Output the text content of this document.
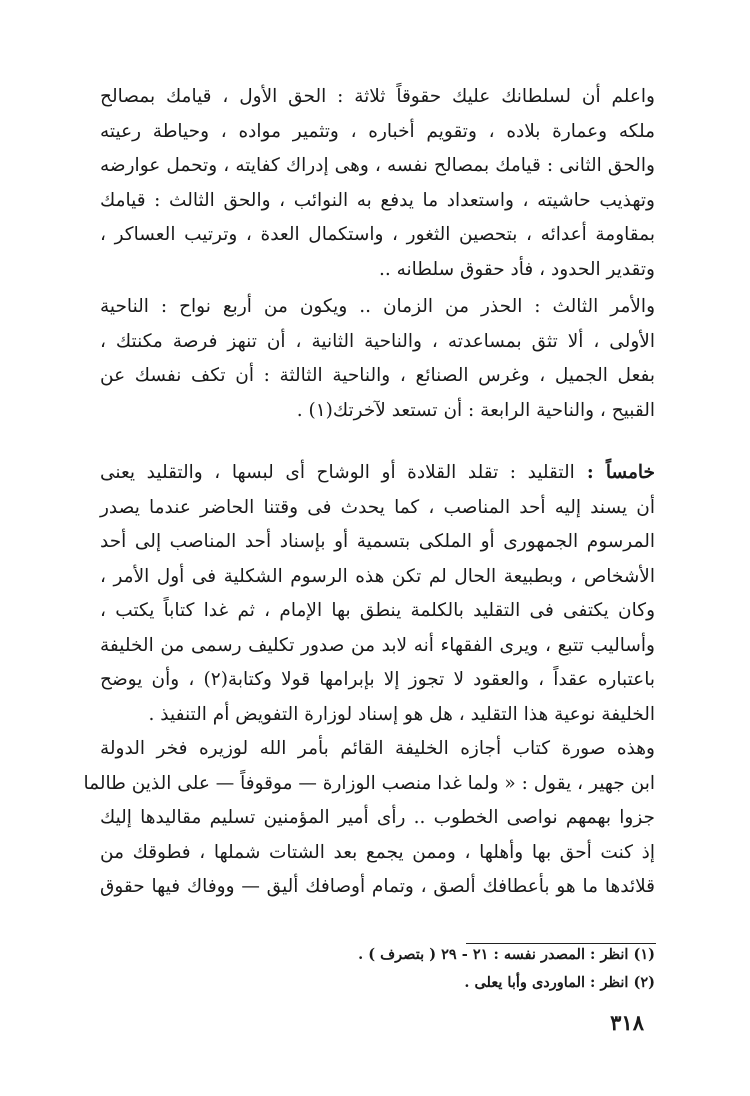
واعلم أن لسلطانك عليك حقوقاً ثلاثة : الحق الأول ، قيامك بمصالح
ملكه وعمارة بلاده ، وتقويم أخباره ، وتثمير مواده ، وحياطة رعيته
والحق الثانى : قيامك بمصالح نفسه ، وهى إدراك كفايته ، وتحمل عوارضه
وتهذيب حاشيته ، واستعداد ما يدفع به النوائب ، والحق الثالث : قيامك
بمقاومة أعدائه ، بتحصين الثغور ، واستكمال العدة ، وترتيب العساكر ،
وتقدير الحدود ، فأد حقوق سلطانه ..
والأمر الثالث : الحذر من الزمان .. ويكون من أربع نواح : الناحية
الأولى ، ألا تثق بمساعدته ، والناحية الثانية ، أن تنهز فرصة مكنتك ،
بفعل الجميل ، وغرس الصنائع ، والناحية الثالثة : أن تكف نفسك عن
القبيح ، والناحية الرابعة : أن تستعد لآخرتك(١) .
خامساً : التقليد : تقلد القلادة أو الوشاح أى لبسها ، والتقليد يعنى
أن يسند إليه أحد المناصب ، كما يحدث فى وقتنا الحاضر عندما يصدر
المرسوم الجمهورى أو الملكى بتسمية أو بإسناد أحد المناصب إلى أحد
الأشخاص ، وبطبيعة الحال لم تكن هذه الرسوم الشكلية فى أول الأمر ،
وكان يكتفى فى التقليد بالكلمة ينطق بها الإمام ، ثم غدا كتاباً يكتب ،
وأساليب تتبع ، ويرى الفقهاء أنه لابد من صدور تكليف رسمى من الخليفة
باعتباره عقداً ، والعقود لا تجوز إلا بإبرامها قولا وكتابة(٢) ، وأن يوضح
الخليفة نوعية هذا التقليد ، هل هو إسناد لوزارة التفويض أم التنفيذ .
وهذه صورة كتاب أجازه الخليفة القائم بأمر الله لوزيره فخر الدولة
ابن جهير ، يقول : « ولما غدا منصب الوزارة — موقوفاً — على الذين طالما
جزوا بهمهم نواصى الخطوب .. رأى أمير المؤمنين تسليم مقاليدها إليك
إذ كنت أحق بها وأهلها ، وممن يجمع بعد الشتات شملها ، فطوقك من
قلائدها ما هو بأعطافك ألصق ، وتمام أوصافك أليق — ووفاك فيها حقوق
(١) انظر : المصدر نفسه : ٢١ - ٢٩ ( بتصرف ) .
(٢) انظر : الماوردى وأبا يعلى .
٣١٨
